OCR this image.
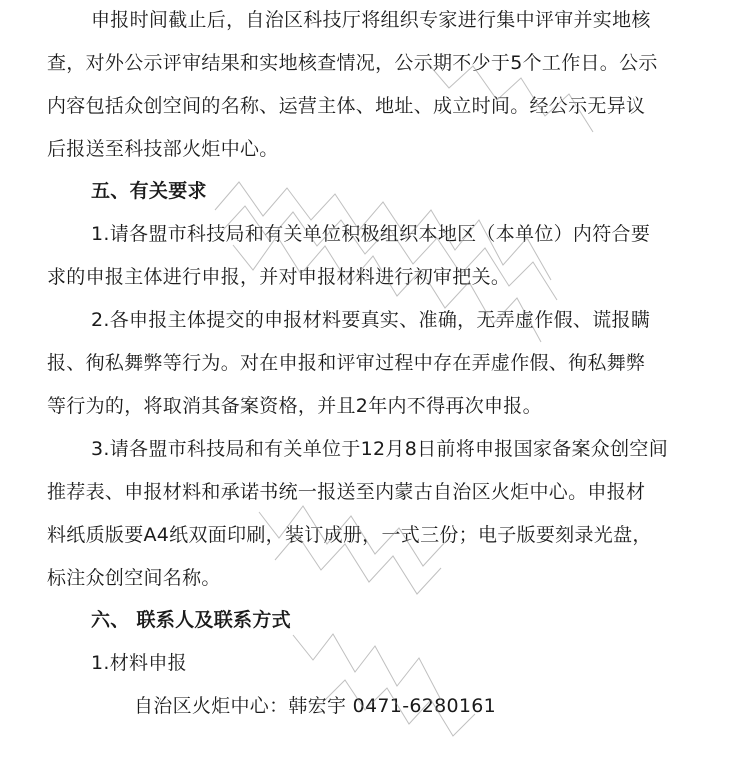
申报时间截止后，自治区科技厅将组织专家进行集中评审并实地核
查，对外公示评审结果和实地核查情况，公示期不少于5个工作日。公示
内容包括众创空间的名称、运营主体、地址、成立时间。经公示无异议
后报送至科技部火炬中心。
五、有关要求
1.请各盟市科技局和有关单位积极组织本地区（本单位）内符合要
求的申报主体进行申报，并对申报材料进行初审把关。
2.各申报主体提交的申报材料要真实、准确，无弄虚作假、谎报瞒
报、徇私舞弊等行为。对在申报和评审过程中存在弄虚作假、徇私舞弊
等行为的，将取消其备案资格，并且2年内不得再次申报。
3.请各盟市科技局和有关单位于12月8日前将申报国家备案众创空间
推荐表、申报材料和承诺书统一报送至内蒙古自治区火炬中心。申报材
料纸质版要A4纸双面印刷，装订成册，一式三份；电子版要刻录光盘，
标注众创空间名称。
六、 联系人及联系方式
1.材料申报
自治区火炬中心：韩宏宇 0471-6280161
